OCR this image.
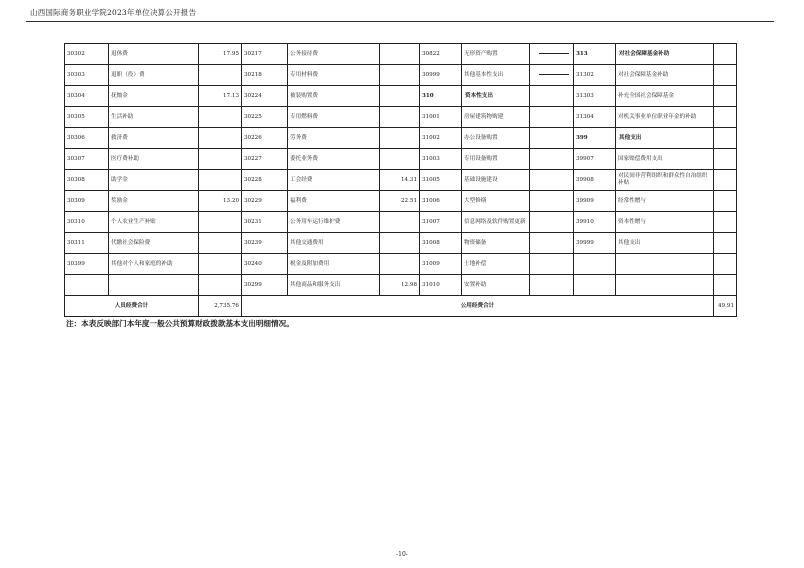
山西国际商务职业学院2023年单位决算公开报告
30302	退休费	17.95	30217	公务接待费		30822	无形资产购置		313	对社会保障基金补助	
30303	退职（役）费		30218	专用材料费		30999	其他基本性支出		31302	对社会保障基金补助	
30304	抚恤金	17.13	30224	被装购置费		310	资本性支出		31303	补充全国社会保障基金	
30305	生活补助		30225	专用燃料费		31001	房屋建筑物购建		31304	对机关事业单位职业年金的补助	
30306	救济费		30226	劳务费		31002	办公设备购置		399	其他支出	
30307	医疗费补助		30227	委托业务费		31003	专用设备购置		39907	国家赔偿费用支出	
30308	助学金		30228	工会经费	14.31	31005	基础设施建设		39908	对民间非营利组织和群众性自治组织补贴	
30309	奖励金	13.20	30229	福利费	22.51	31006	大型修缮		39909	经常性赠与	
30310	个人农业生产补贴		30231	公务用车运行维护费		31007	信息网络及软件购置更新		39910	资本性赠与	
30311	代缴社会保险费		30239	其他交通费用		31008	物资储备		39999	其他支出	
30399	其他对个人和家庭的补助		30240	税金及附加费用		31009	土地补偿				
			30299	其他商品和服务支出	12.98	31010	安置补助				
人员经费合计		2,735.76	公用经费合计								49.91
注：本表反映部门本年度一般公共预算财政拨款基本支出明细情况。
-10-
